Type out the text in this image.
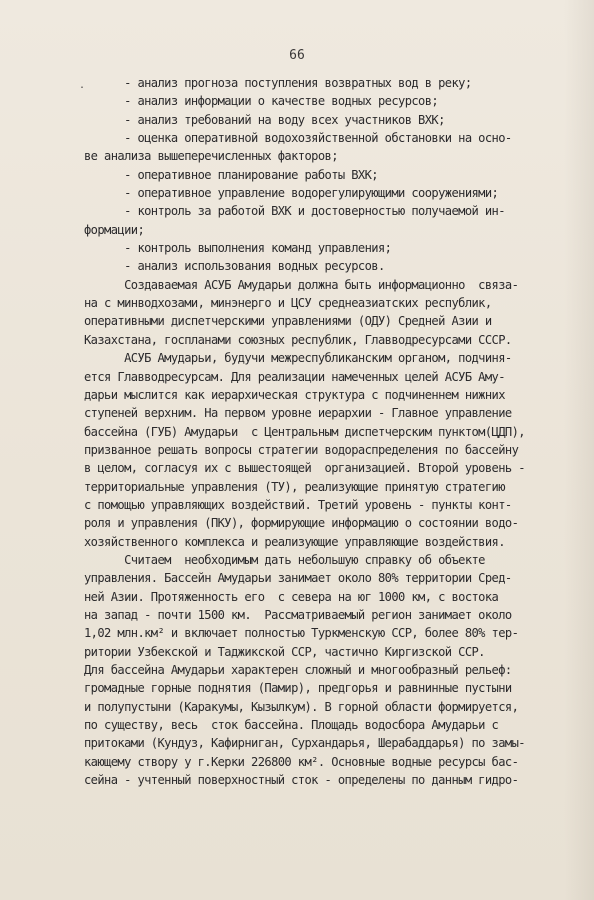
66
.
- анализ прогноза поступления возвратных вод в реку;
- анализ информации о качестве водных ресурсов;
- анализ требований на воду всех участников ВХК;
- оценка оперативной водохозяйственной обстановки на осно-
ве анализа вышеперечисленных факторов;
- оперативное планирование работы ВХК;
- оперативное управление водорегулирующими сооружениями;
- контроль за работой ВХК и достоверностью получаемой ин-
формации;
- контроль выполнения команд управления;
- анализ использования водных ресурсов.
Создаваемая АСУБ Амударьи должна быть информационно  связа-
на с минводхозами, минэнерго и ЦСУ среднеазиатских республик,
оперативными диспетчерскими управлениями (ОДУ) Средней Азии и
Казахстана, госпланами союзных республик, Главводресурсами СССР.
АСУБ Амударьи, будучи межреспубликанским органом, подчиня-
ется Главводресурсам. Для реализации намеченных целей АСУБ Аму-
дарьи мыслится как иерархическая структура с подчиненнем нижних
ступеней верхним. На первом уровне иерархии - Главное управление
бассейна (ГУБ) Амударьи  с Центральным диспетчерским пунктом(ЦДП),
призванное решать вопросы стратегии водораспределения по бассейну
в целом, согласуя их с вышестоящей  организацией. Второй уровень -
территориальные управления (ТУ), реализующие принятую стратегию
с помощью управляющих воздействий. Третий уровень - пункты конт-
роля и управления (ПКУ), формирующие информацию о состоянии водо-
хозяйственного комплекса и реализующие управляющие воздействия.
Считаем  необходимым дать небольшую справку об объекте
управления. Бассейн Амударьи занимает около 80% территории Сред-
ней Азии. Протяженность его  с севера на юг 1000 км, с востока
на запад - почти 1500 км.  Рассматриваемый регион занимает около
1,02 млн.км² и включает полностью Туркменскую ССР, более 80% тер-
ритории Узбекской и Таджикской ССР, частично Киргизской ССР.
Для бассейна Амударьи характерен сложный и многообразный рельеф:
громадные горные поднятия (Памир), предгорья и равнинные пустыни
и полупустыни (Каракумы, Кызылкум). В горной области формируется,
по существу, весь  сток бассейна. Площадь водосбора Амударьи с
притоками (Кундуз, Кафирниган, Сурхандарья, Шерабаддарья) по замы-
кающему створу у г.Керки 226800 км². Основные водные ресурсы бас-
сейна - учтенный поверхностный сток - определены по данным гидро-
